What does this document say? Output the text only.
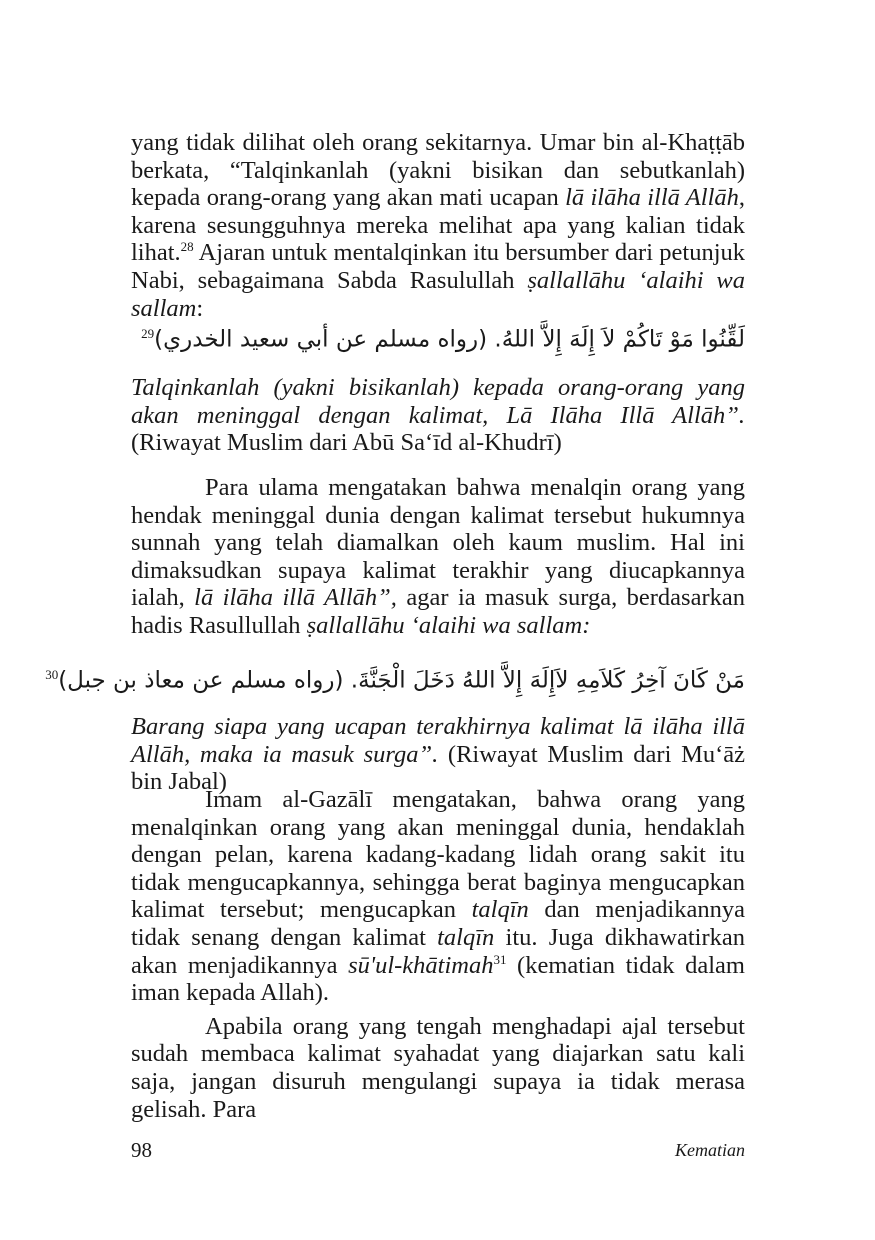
yang tidak dilihat oleh orang sekitarnya. Umar bin al-Khaṭṭāb berkata, “Talqinkanlah (yakni bisikan dan sebutkanlah) kepada orang-orang yang akan mati ucapan lā ilāha illā Allāh, karena sesungguhnya mereka melihat apa yang kalian tidak lihat.$^{28}$ Ajaran untuk mentalqinkan itu bersumber dari petunjuk Nabi, sebagaimana Sabda Rasulullah ṣallallāhu ‘alaihi wa sallam:

لَقِّنُوا مَوْ تَاكُمْ لاَ إِلَهَ إِلاَّ اللهُ. (رواه مسلم عن أبي سعيد الخدري)$^{29}$

Talqinkanlah (yakni bisikanlah) kepada orang-orang yang akan meninggal dengan kalimat, Lā Ilāha Illā Allāh”. (Riwayat Muslim dari Abū Sa‘īd al-Khudrī)

Para ulama mengatakan bahwa menalqin orang yang hendak meninggal dunia dengan kalimat tersebut hukumnya sunnah yang telah diamalkan oleh kaum muslim. Hal ini dimaksudkan supaya kalimat terakhir yang diucapkannya ialah, lā ilāha illā Allāh”, agar ia masuk surga, berdasarkan hadis Rasullullah ṣallallāhu ‘alaihi wa sallam:

مَنْ كَانَ آخِرُ كَلاَمِهِ لاَإِلَهَ إِلاَّ اللهُ دَخَلَ الْجَنَّةَ. (رواه مسلم عن معاذ بن جبل)$^{30}$

Barang siapa yang ucapan terakhirnya kalimat lā ilāha illā Allāh, maka ia masuk surga”. (Riwayat Muslim dari Mu‘āż bin Jabal)

Imam al-Gazālī mengatakan, bahwa orang yang menalqinkan orang yang akan meninggal dunia, hendaklah dengan pelan, karena kadang-kadang lidah orang sakit itu tidak mengucapkannya, sehingga berat baginya mengucapkan kalimat tersebut; mengucapkan talqīn dan menjadikannya tidak senang dengan kalimat talqīn itu. Juga dikhawatirkan akan menjadikannya sū'ul-khātimah$^{31}$ (kematian tidak dalam iman kepada Allah).

Apabila orang yang tengah menghadapi ajal tersebut sudah membaca kalimat syahadat yang diajarkan satu kali saja, jangan disuruh mengulangi supaya ia tidak merasa gelisah. Para

98	Kematian
